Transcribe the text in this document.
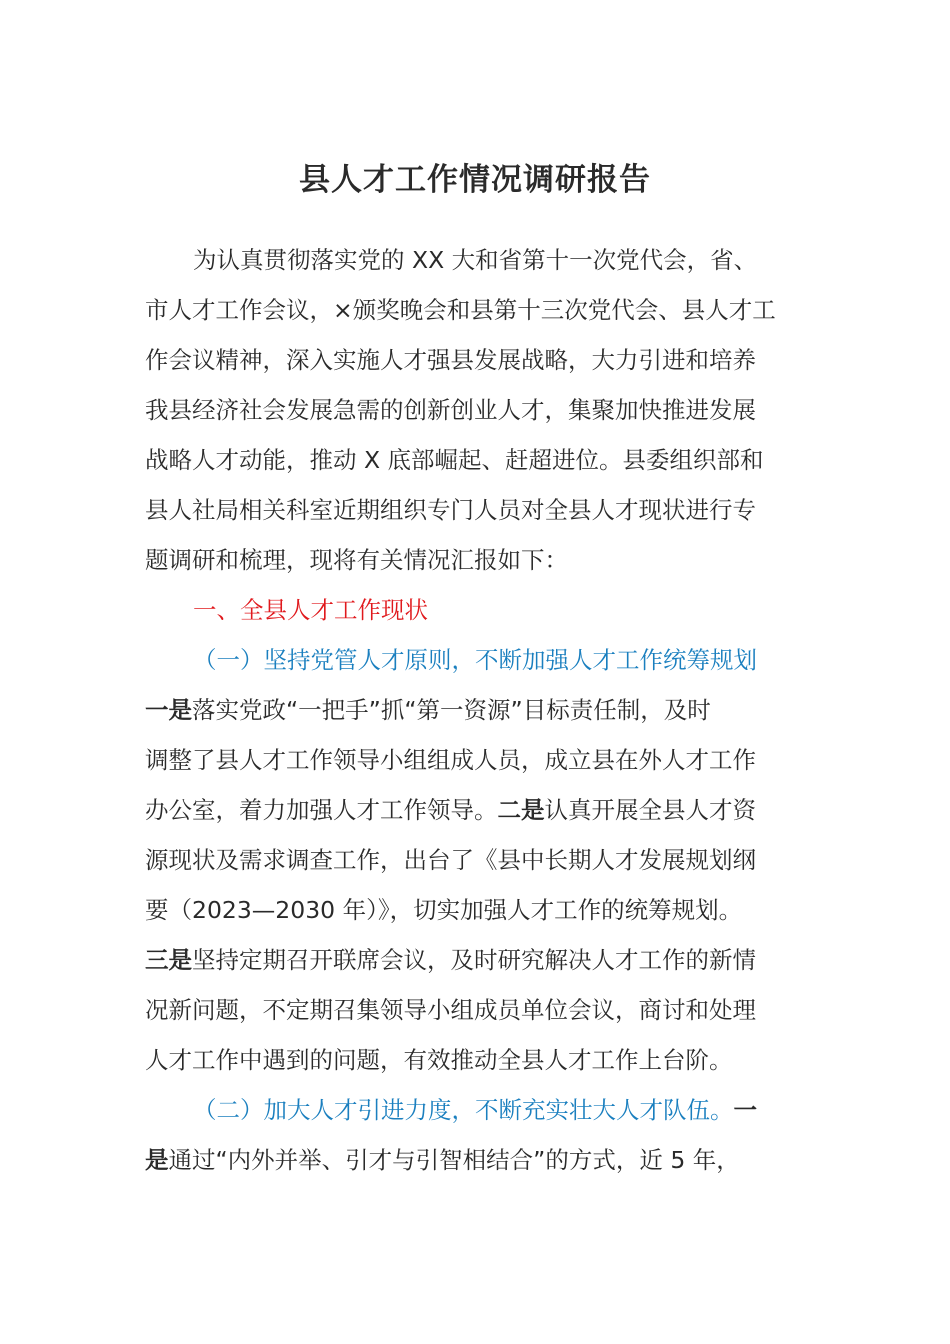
县人才工作情况调研报告
为认真贯彻落实党的 XX 大和省第十一次党代会，省、
市人才工作会议，×颁奖晚会和县第十三次党代会、县人才工
作会议精神，深入实施人才强县发展战略，大力引进和培养
我县经济社会发展急需的创新创业人才，集聚加快推进发展
战略人才动能，推动 X 底部崛起、赶超进位。县委组织部和
县人社局相关科室近期组织专门人员对全县人才现状进行专
题调研和梳理，现将有关情况汇报如下：
一、全县人才工作现状
（一）坚持党管人才原则，不断加强人才工作统筹规划
一是落实党政“一把手”抓“第一资源”目标责任制，及时
调整了县人才工作领导小组组成人员，成立县在外人才工作
办公室，着力加强人才工作领导。二是认真开展全县人才资
源现状及需求调查工作，出台了《县中长期人才发展规划纲
要（2023—2030 年）》，切实加强人才工作的统筹规划。
三是坚持定期召开联席会议，及时研究解决人才工作的新情
况新问题，不定期召集领导小组成员单位会议，商讨和处理
人才工作中遇到的问题，有效推动全县人才工作上台阶。
（二）加大人才引进力度，不断充实壮大人才队伍。一
是通过“内外并举、引才与引智相结合”的方式，近 5 年，
